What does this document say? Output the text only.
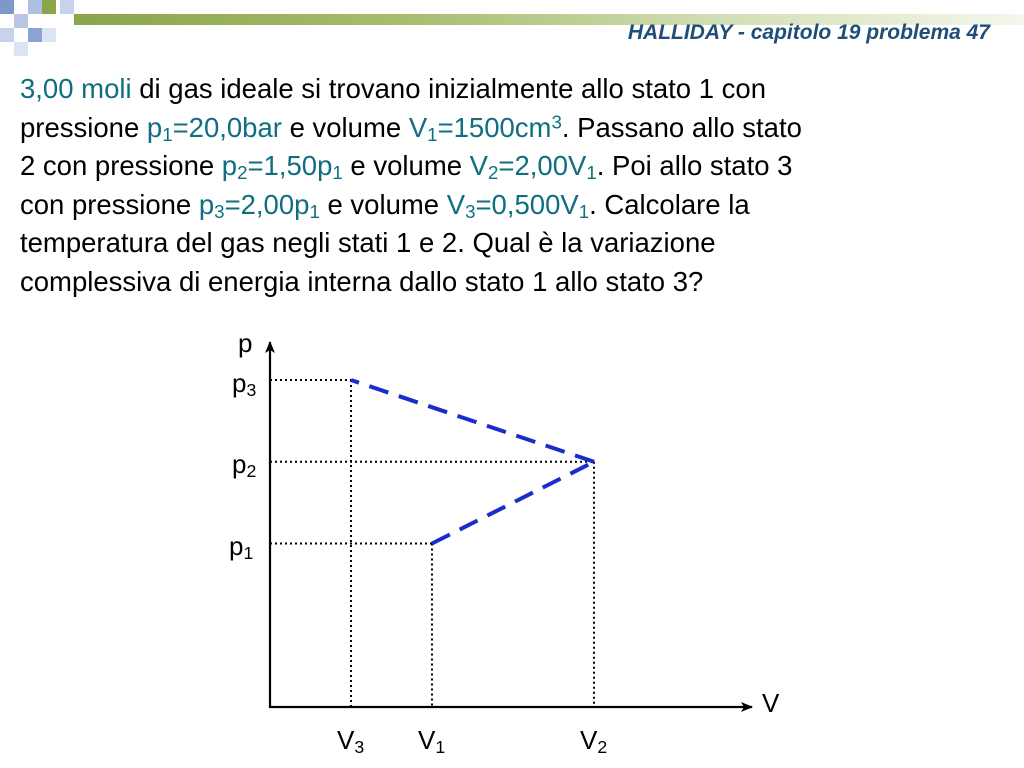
HALLIDAY - capitolo 19 problema 47
3,00 moli di gas ideale si trovano inizialmente allo stato 1 con
pressione $p_1=20,0bar$ e volume $V_1=1500cm^3$. Passano allo stato
2 con pressione $p_2=1,50p_1$ e volume $V_2=2,00V_1$. Poi allo stato 3
con pressione $p_3=2,00p_1$ e volume $V_3=0,500V_1$. Calcolare la
temperatura del gas negli stati 1 e 2. Qual è la variazione
complessiva di energia interna dallo stato 1 allo stato 3?
p
V
$p_3$
$p_2$
$p_1$
$V_3$ $V_1$	$V_2$
